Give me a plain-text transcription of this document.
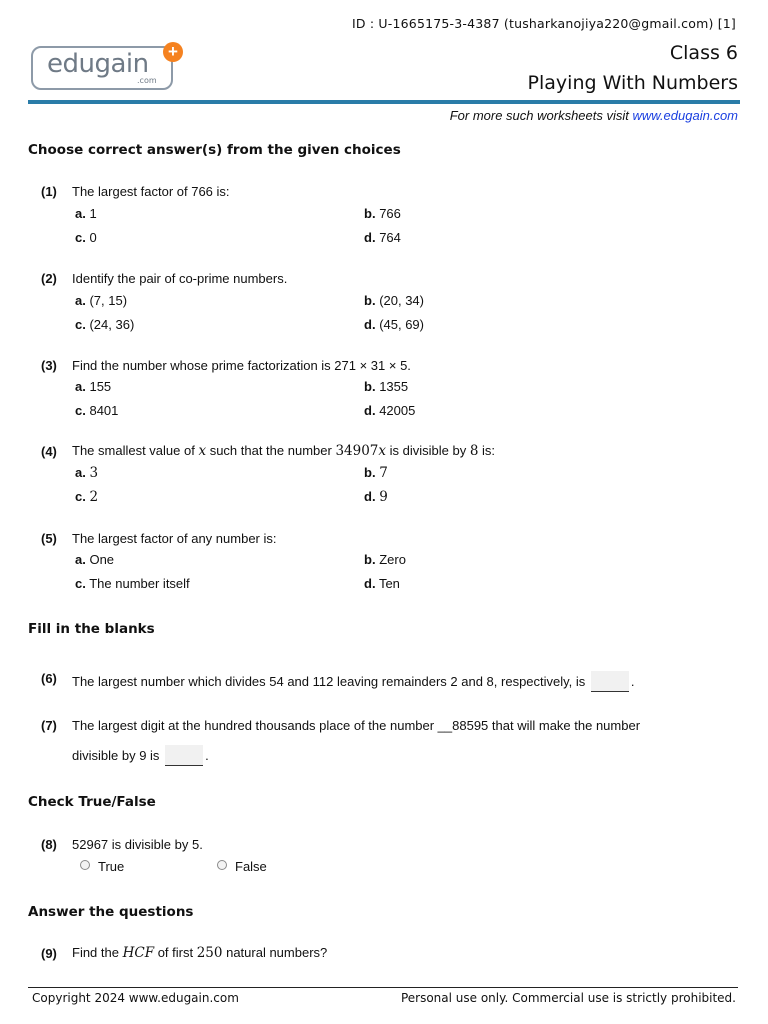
ID : U-1665175-3-4387 (tusharkanojiya220@gmail.com) [1]
edugain
.com
+	Class 6
Playing With Numbers
For more such worksheets visit www.edugain.com
Choose correct answer(s) from the given choices
(1) The largest factor of 766 is:
a. 1	b. 766
c. 0	d. 764
(2) Identify the pair of co-prime numbers.
a. (7, 15)	b. (20, 34)
c. (24, 36)	d. (45, 69)
(3) Find the number whose prime factorization is 271 × 31 × 5.
a. 155	b. 1355
c. 8401	d. 42005
(4) The smallest value of x such that the number 34907x is divisible by 8 is:
a. 3	b. 7
c. 2	d. 9
(5) The largest factor of any number is:
a. One	b. Zero
c. The number itself	d. Ten
Fill in the blanks
(6) The largest number which divides 54 and 112 leaving remainders 2 and 8, respectively, is	.
(7) The largest digit at the hundred thousands place of the number __88595 that will make the number
divisible by 9 is	.
Check True/False
(8) 52967 is divisible by 5.
True	False
Answer the questions
(9) Find the HCF of first 250 natural numbers?
Copyright 2024 www.edugain.com	Personal use only. Commercial use is strictly prohibited.
